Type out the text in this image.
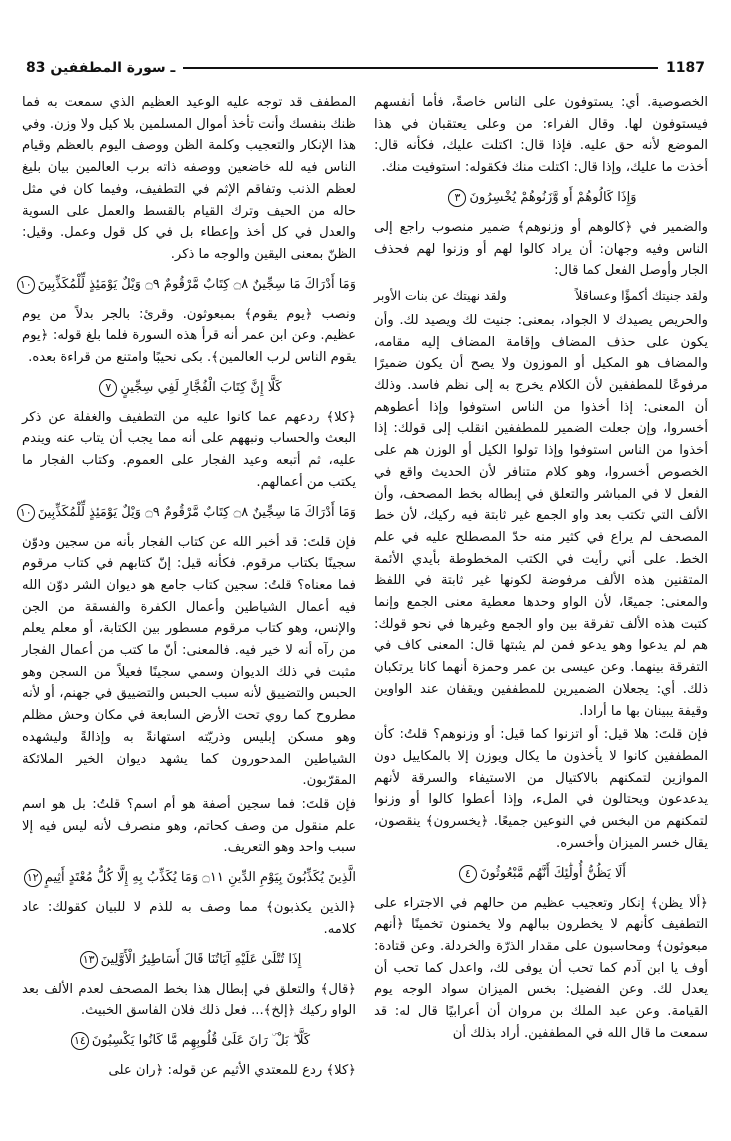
83 ـ سورة المطففين	1187

الخصوصية. أي: يستوفون على الناس خاصةً، فأما أنفسهم فيستوفون لها. وقال الفراء: من وعلى يعتقبان في هذا الموضع لأنه حق عليه. فإذا قال: اكتلت عليك، فكأنه قال: أخذت ما عليك، وإذا قال: اكتلت منك فكقوله: استوفيت منك.

وَإِذَا كَالُوهُمْ أَو وَّزَنُوهُمْ يُخْسِرُونَ٣

والضمير في ﴿كالوهم أو وزنوهم﴾ ضمير منصوب راجع إلى الناس وفيه وجهان: أن يراد كالوا لهم أو وزنوا لهم فحذف الجار وأوصل الفعل كما قال:

ولقد جنيتك أكمؤًا وعساقلاً
ولقد نهيتك عن بنات الأوبر

والحريص يصيدك لا الجواد، بمعنى: جنيت لك ويصيد لك. وأن يكون على حذف المضاف وإقامة المضاف إليه مقامه، والمضاف هو المكيل أو الموزون ولا يصح أن يكون ضميرًا مرفوعًا للمطففين لأن الكلام يخرج به إلى نظم فاسد. وذلك أن المعنى: إذا أخذوا من الناس استوفوا وإذا أعطوهم أخسروا، وإن جعلت الضمير للمطففين انقلب إلى قولك: إذا أخذوا من الناس استوفوا وإذا تولوا الكيل أو الوزن هم على الخصوص أخسروا، وهو كلام متنافر لأن الحديث واقع في الفعل لا في المباشر والتعلق في إبطاله بخط المصحف، وأن الألف التي تكتب بعد واو الجمع غير ثابتة فيه ركيك، لأن خط المصحف لم يراع في كثير منه حدّ المصطلح عليه في علم الخط. على أني رأيت في الكتب المخطوطة بأيدي الأئمة المتقنين هذه الألف مرفوضة لكونها غير ثابتة في اللفظ والمعنى: جميعًا، لأن الواو وحدها معطية معنى الجمع وإنما كتبت هذه الألف تفرقة بين واو الجمع وغيرها في نحو قولك: هم لم يدعوا وهو يدعو فمن لم يثبتها قال: المعنى كاف في التفرقة بينهما. وعن عيسى بن عمر وحمزة أنهما كانا يرتكبان ذلك. أي: يجعلان الضميرين للمطففين ويقفان عند الواوين وقيفة يبينان بها ما أرادا.

فإن قلتَ: هلا قيل: أو اتزنوا كما قيل: أو وزنوهم؟ قلتُ: كأن المطففين كانوا لا يأخذون ما يكال ويوزن إلا بالمكاييل دون الموازين لتمكنهم بالاكتيال من الاستيفاء والسرقة لأنهم يدعدعون ويحتالون في الملء، وإذا أعطوا كالوا أو وزنوا لتمكنهم من البخس في النوعين جميعًا. ﴿يخسرون﴾ ينقصون، يقال خسر الميزان وأخسره.

أَلَا يَظُنُّ أُولَٰئِكَ أَنَّهُم مَّبْعُوثُونَ٤

﴿ألا يظن﴾ إنكار وتعجيب عظيم من حالهم في الاجتراء على التطفيف كأنهم لا يخطرون ببالهم ولا يخمنون تخمينًا ﴿أنهم مبعوثون﴾ ومحاسبون على مقدار الذرّة والخردلة. وعن قتادة: أوف يا ابن آدم كما تحب أن يوفى لك، واعدل كما تحب أن يعدل لك. وعن الفضيل: بخس الميزان سواد الوجه يوم القيامة. وعن عبد الملك بن مروان أن أعرابيًا قال له: قد سمعت ما قال الله في المطففين. أراد بذلك أن

المطفف قد توجه عليه الوعيد العظيم الذي سمعت به فما ظنك بنفسك وأنت تأخذ أموال المسلمين بلا كيل ولا وزن. وفي هذا الإنكار والتعجيب وكلمة الظن ووصف اليوم بالعظم وقيام الناس فيه لله خاضعين ووصفه ذاته برب العالمين بيان بليغ لعظم الذنب وتفاقم الإثم في التطفيف، وفيما كان في مثل حاله من الحيف وترك القيام بالقسط والعمل على السوية والعدل في كل أخذ وإعطاء بل في كل قول وعمل. وقيل: الظنّ بمعنى اليقين والوجه ما ذكر.

وَمَا أَدْرَاكَ مَا سِجِّينٌ ۝٨ كِتَابٌ مَّرْقُومٌ ۝٩ وَيْلٌ يَوْمَئِذٍ لِّلْمُكَذِّبِينَ١٠

ونصب ﴿يوم يقوم﴾ بمبعوثون. وقرئ: بالجر بدلاً من يوم عظيم. وعن ابن عمر أنه قرأ هذه السورة فلما بلغ قوله: ﴿يوم يقوم الناس لرب العالمين﴾. بكى نحيبًا وامتنع من قراءة بعده.

كَلَّا إِنَّ كِتَابَ الْفُجَّارِ لَفِي سِجِّينٍ٧

﴿كلا﴾ ردعهم عما كانوا عليه من التطفيف والغفلة عن ذكر البعث والحساب ونبههم على أنه مما يجب أن يتاب عنه ويندم عليه، ثم أتبعه وعيد الفجار على العموم. وكتاب الفجار ما يكتب من أعمالهم.

وَمَا أَدْرَاكَ مَا سِجِّينٌ ۝٨ كِتَابٌ مَّرْقُومٌ ۝٩ وَيْلٌ يَوْمَئِذٍ لِّلْمُكَذِّبِينَ١٠

فإن قلتَ: قد أخبر الله عن كتاب الفجار بأنه من سجين ودوّن سجينًا بكتاب مرقوم. فكأنه قيل: إنّ كتابهم في كتاب مرقوم فما معناه؟ قلتُ: سجين كتاب جامع هو ديوان الشر دوّن الله فيه أعمال الشياطين وأعمال الكفرة والفسقة من الجن والإنس، وهو كتاب مرقوم مسطور بين الكتابة، أو معلم يعلم من رآه أنه لا خير فيه. فالمعنى: أنّ ما كتب من أعمال الفجار مثبت في ذلك الديوان وسمي سجينًا فعيلاً من السجن وهو الحبس والتضييق لأنه سبب الحبس والتضييق في جهنم، أو لأنه مطروح كما روي تحت الأرض السابعة في مكان وحش مظلم وهو مسكن إبليس وذريّته استهانةً به وإذالةً وليشهده الشياطين المدحورون كما يشهد ديوان الخير الملائكة المقرّبون.

فإن قلتَ: فما سجين أصفة هو أم اسم؟ قلتُ: بل هو اسم علم منقول من وصف كحاتم، وهو منصرف لأنه ليس فيه إلا سبب واحد وهو التعريف.

الَّذِينَ يُكَذِّبُونَ بِيَوْمِ الدِّينِ ۝١١ وَمَا يُكَذِّبُ بِهِ إِلَّا كُلُّ مُعْتَدٍ أَثِيمٍ١٢

﴿الذين يكذبون﴾ مما وصف به للذم لا للبيان كقولك: عاد كلامه.

إِذَا تُتْلَىٰ عَلَيْهِ آيَاتُنَا قَالَ أَسَاطِيرُ الْأَوَّلِينَ١٣

﴿قال﴾ والتعلق في إبطال هذا بخط المصحف لعدم الألف بعد الواو ركيك ﴿إلخ﴾... فعل ذلك فلان الفاسق الخبيث.

كَلَّا ۖ بَلْ ۜ رَانَ عَلَىٰ قُلُوبِهِم مَّا كَانُوا يَكْسِبُونَ١٤

﴿كلا﴾ ردع للمعتدي الأثيم عن قوله: ﴿ران على
